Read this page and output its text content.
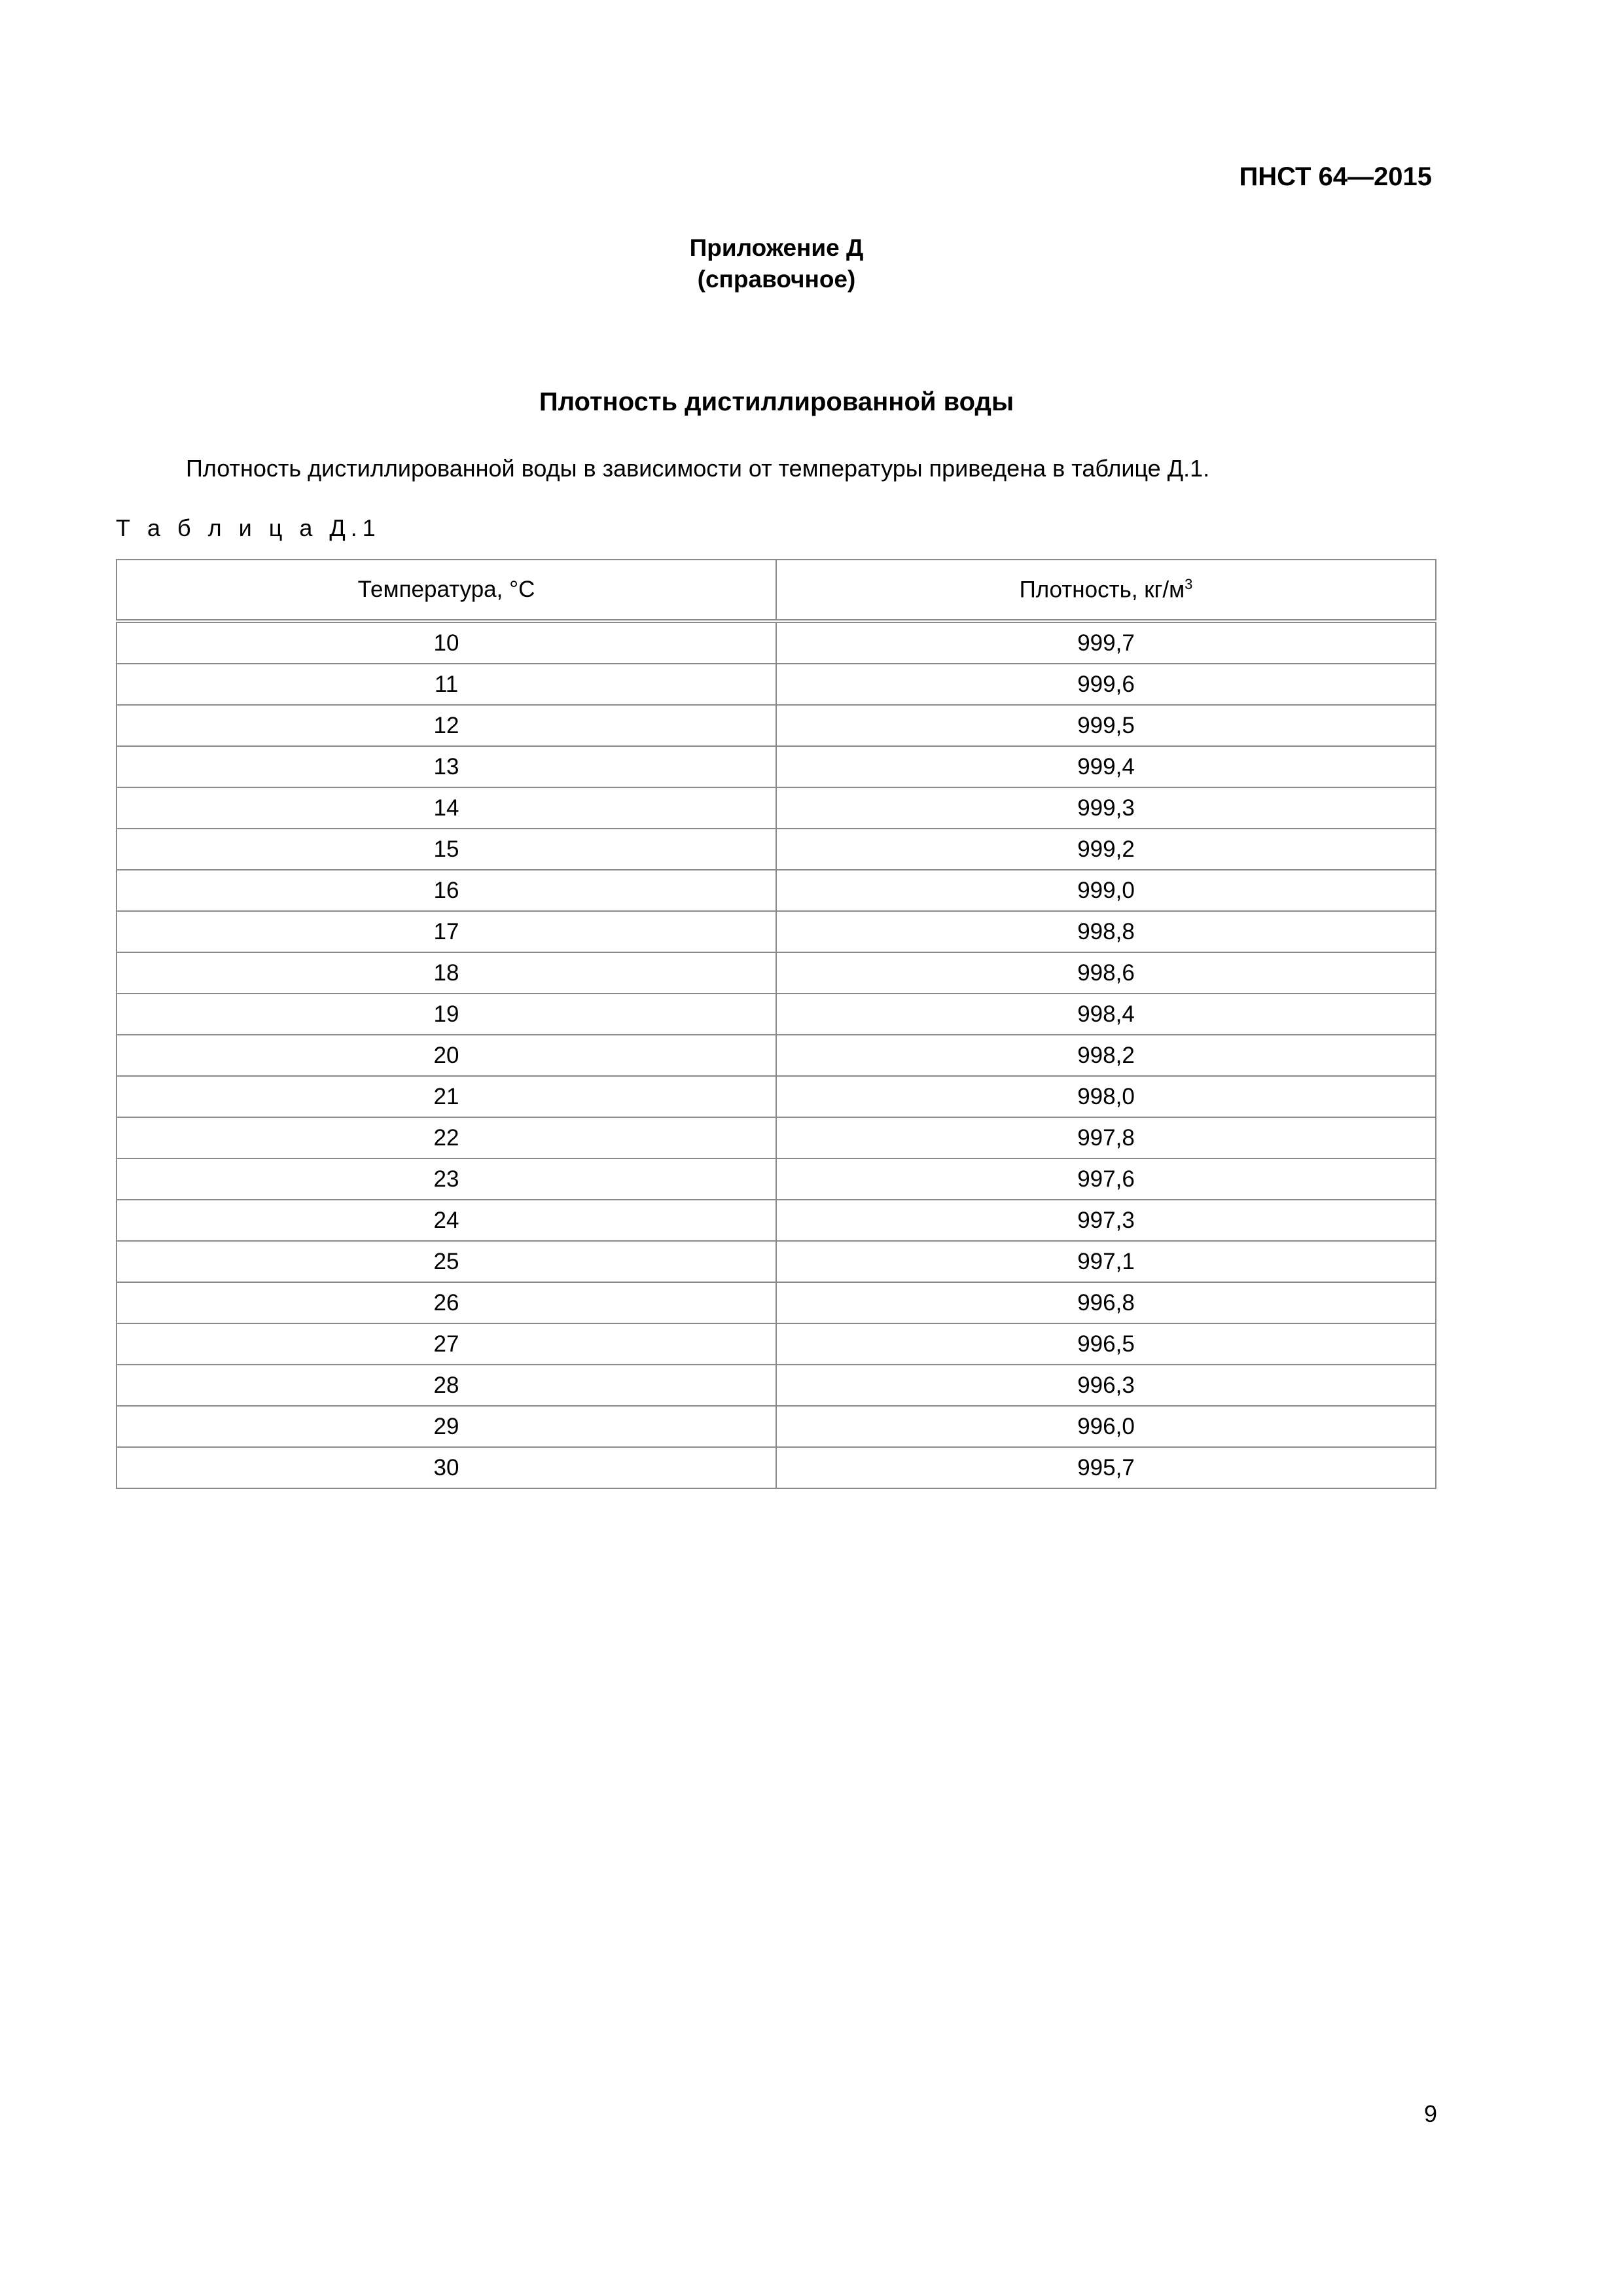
ПНСТ 64—2015
Приложение Д
(справочное)
Плотность дистиллированной воды
Плотность дистиллированной воды в зависимости от температуры приведена в таблице Д.1.
Т а б л и ц а Д.1
Температура, °С	Плотность, $кг/м^3$
10	999,7
11	999,6
12	999,5
13	999,4
14	999,3
15	999,2
16	999,0
17	998,8
18	998,6
19	998,4
20	998,2
21	998,0
22	997,8
23	997,6
24	997,3
25	997,1
26	996,8
27	996,5
28	996,3
29	996,0
30	995,7
9
